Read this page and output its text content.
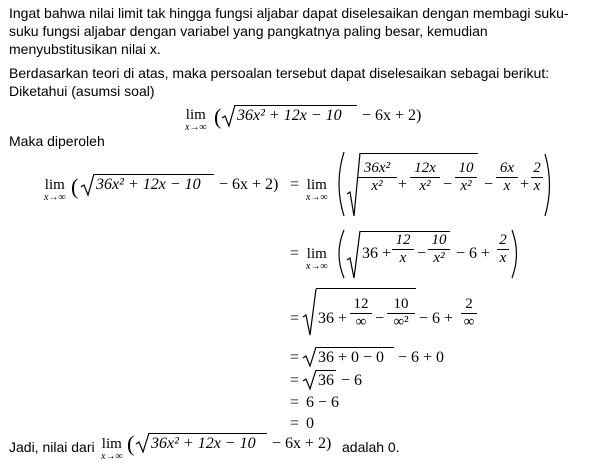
Ingat bahwa nilai limit tak hingga fungsi aljabar dapat diselesaikan dengan membagi suku-
suku fungsi aljabar dengan variabel yang pangkatnya paling besar, kemudian
menyubstitusikan nilai x.
Berdasarkan teori di atas, maka persoalan tersebut dapat diselesaikan sebagai berikut:
Diketahui (asumsi soal)
lim
x→∞ ( 36x² + 12x − 10 − 6x + 2)
Maka diperoleh
lim
x→∞ ( 36x² + 12x − 10 − 6x + 2) = lim
x→∞
$\frac{\text{36x²}}{\text{x²}} + \frac{12x}{\text{x²}} - \frac{10}{\text{x²}} - \frac{6x}{x} + \frac{2}{x}$
= lim
x→∞
$36 + \frac{12}{x} - \frac{10}{\text{x²}} - 6 + \frac{2}{x}$
= 36 +
12
∞ −
10
∞² − 6 +
2
∞
= 36 + 0 − 0 − 6 + 0
= 36 − 6
= 6 − 6
= 0
Jadi, nilai dari lim
x→∞
( 36x² + 12x − 10 − 6x + 2) adalah 0.
